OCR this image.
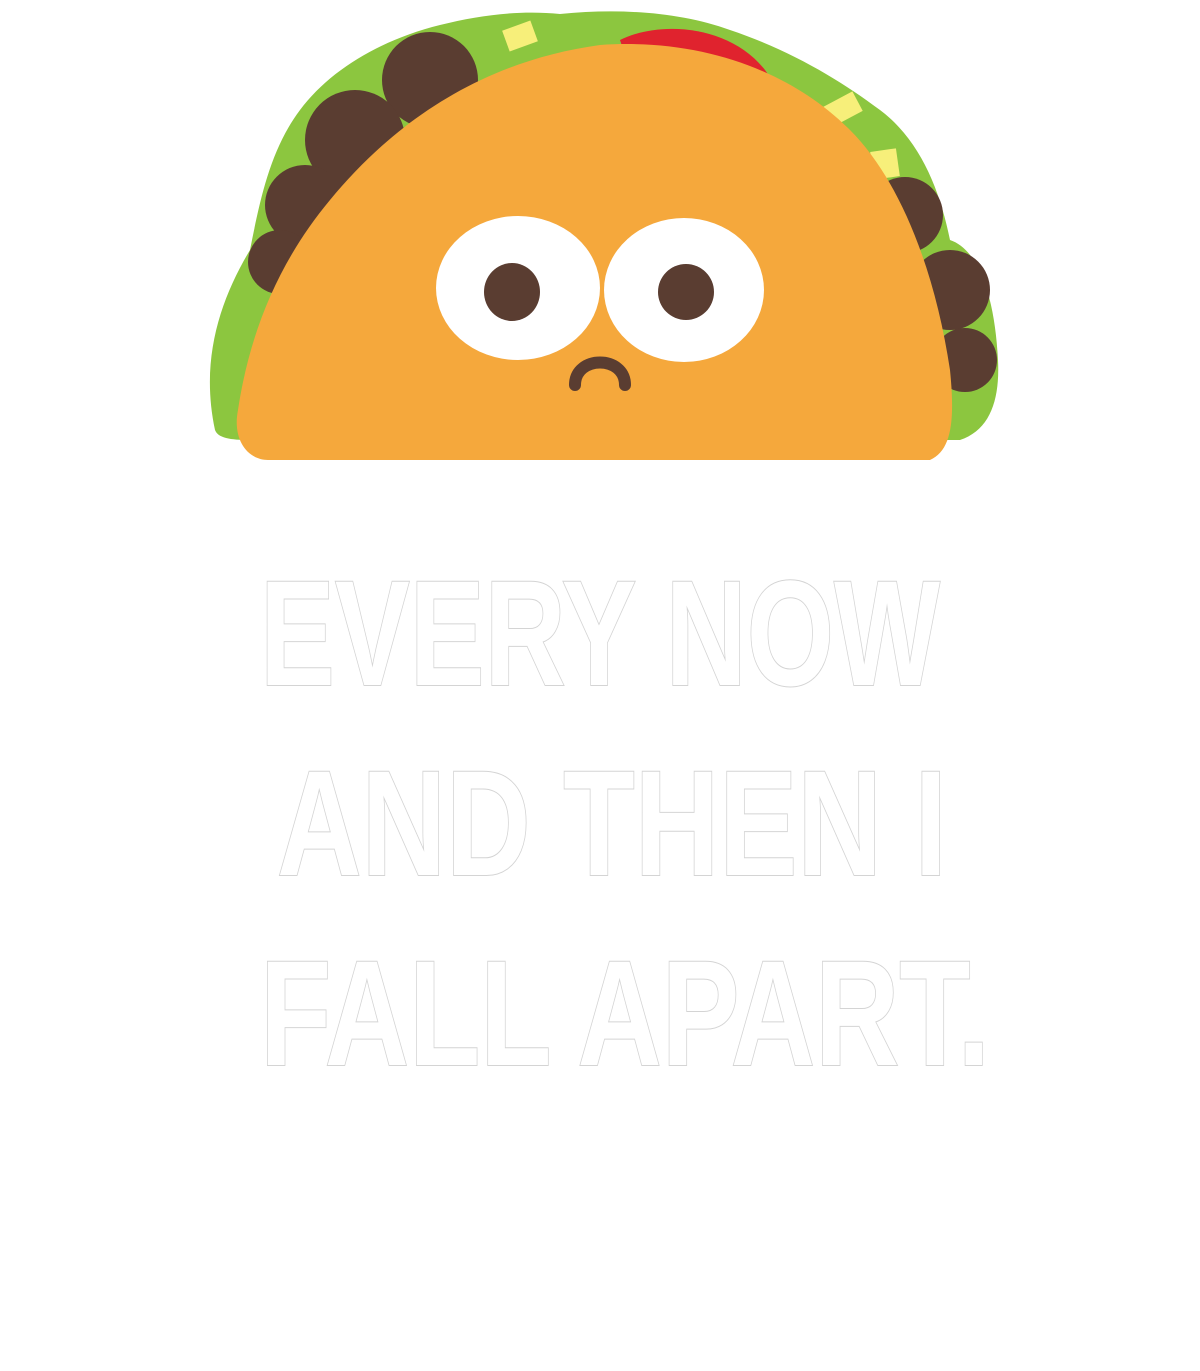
EVERY NOW
AND THEN I
FALL APART.
